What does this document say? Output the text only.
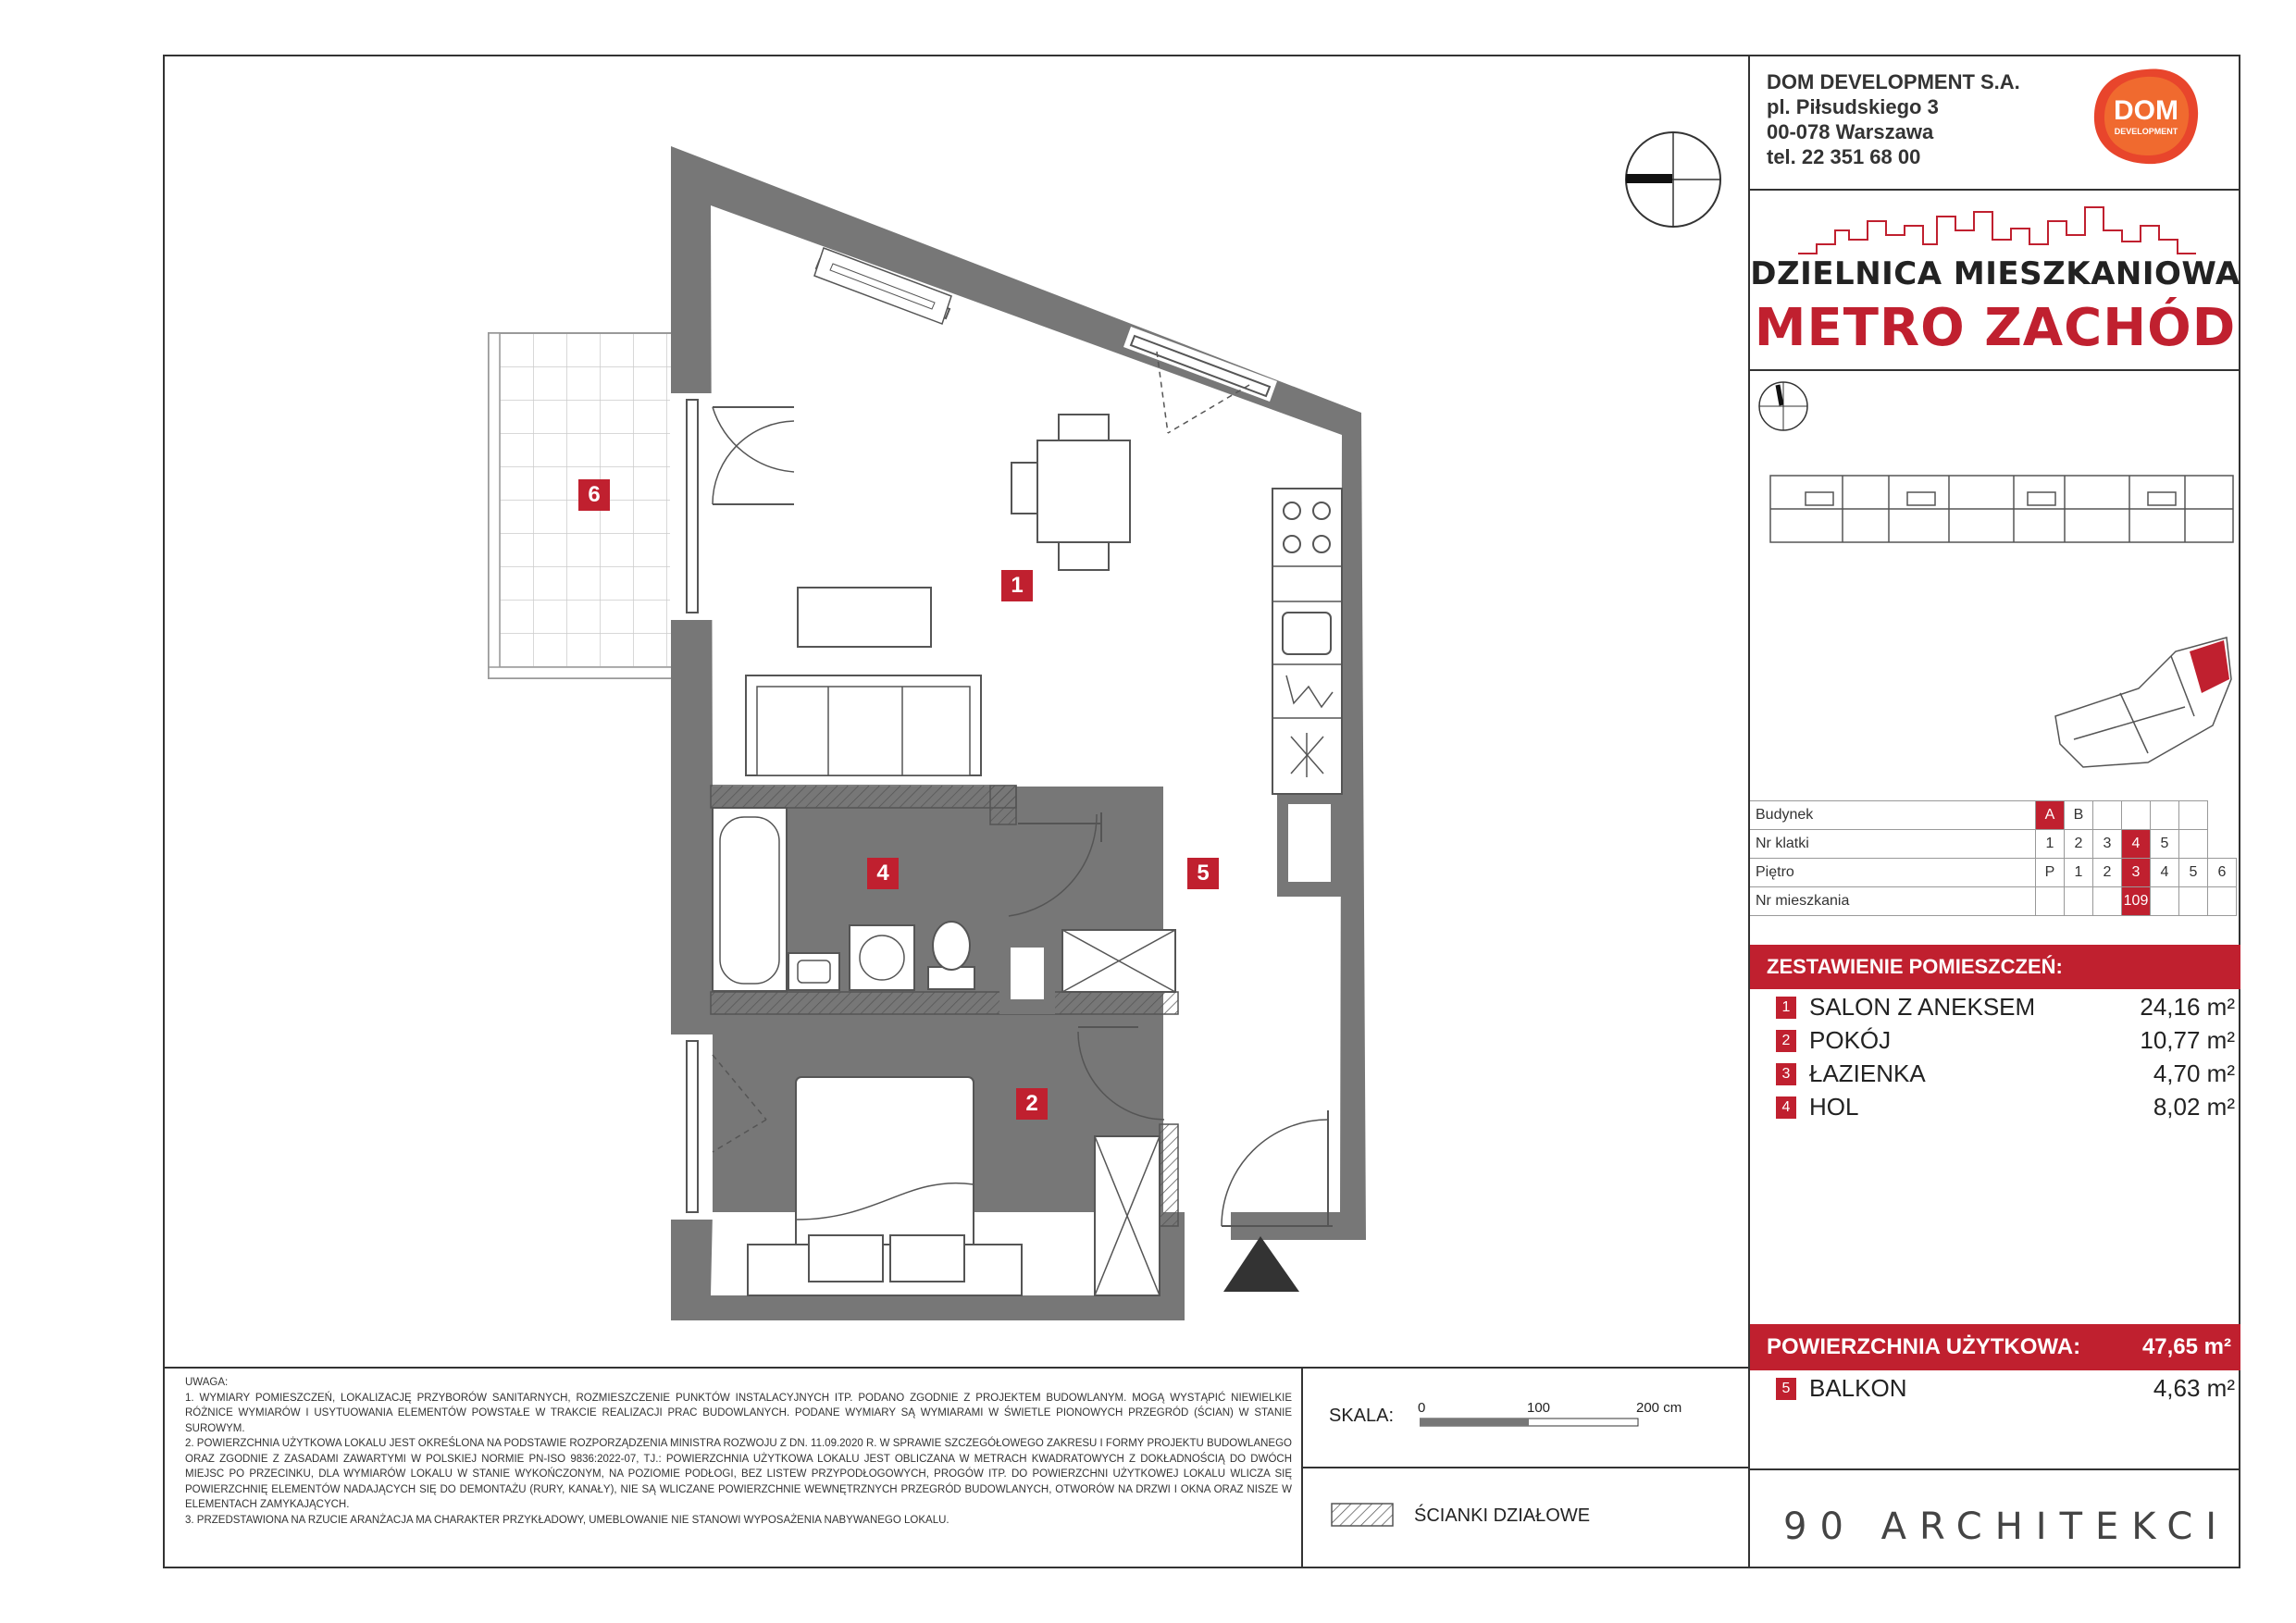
6
1
4	5
2
DOM DEVELOPMENT S.A.
pl. Piłsudskiego 3
00-078 Warszawa
tel. 22 351 68 00
DOM
DEVELOPMENT
DZIELNICA MIESZKANIOWA
METRO ZACHÓD
Budynek	A	B					
Nr klatki	1	2	3	4	5		
Piętro	P	1	2	3	4	5	6
Nr mieszkania				109			
ZESTAWIENIE POMIESZCZEŃ:
1 SALON Z ANEKSEM	24,16 m²
2 POKÓJ	10,77 m²
3 ŁAZIENKA	4,70 m²
4 HOL	8,02 m²
POWIERZCHNIA UŻYTKOWA:	47,65 m²
5 BALKON	4,63 m²
90 ARCHITEKCI

UWAGA:

1. WYMIARY POMIESZCZEŃ, LOKALIZACJĘ PRZYBORÓW SANITARNYCH, ROZMIESZCZENIE PUNKTÓW INSTALACYJNYCH ITP. PODANO ZGODNIE Z PROJEKTEM BUDOWLANYM. MOGĄ WYSTĄPIĆ NIEWIELKIE RÓŻNICE WYMIARÓW I USYTUOWANIA ELEMENTÓW POWSTAŁE W TRAKCIE REALIZACJI PRAC BUDOWLANYCH. PODANE WYMIARY SĄ WYMIARAMI W ŚWIETLE PIONOWYCH PRZEGRÓD (ŚCIAN) W STANIE SUROWYM.

2. POWIERZCHNIA UŻYTKOWA LOKALU JEST OKREŚLONA NA PODSTAWIE ROZPORZĄDZENIA MINISTRA ROZWOJU Z DN. 11.09.2020 R. W SPRAWIE SZCZEGÓŁOWEGO ZAKRESU I FORMY PROJEKTU BUDOWLANEGO ORAZ ZGODNIE Z ZASADAMI ZAWARTYMI W POLSKIEJ NORMIE PN-ISO 9836:2022-07, TJ.: POWIERZCHNIA UŻYTKOWA LOKALU JEST OBLICZANA W METRACH KWADRATOWYCH Z DOKŁADNOŚCIĄ DO DWÓCH MIEJSC PO PRZECINKU, DLA WYMIARÓW LOKALU W STANIE WYKOŃCZONYM, NA POZIOMIE PODŁOGI, BEZ LISTEW PRZYPODŁOGOWYCH, PROGÓW ITP. DO POWIERZCHNI UŻYTKOWEJ LOKALU WLICZA SIĘ POWIERZCHNIĘ ELEMENTÓW NADAJĄCYCH SIĘ DO DEMONTAŻU (RURY, KANAŁY), NIE SĄ WLICZANE POWIERZCHNIE WEWNĘTRZNYCH PRZEGRÓD BUDOWLANYCH, OTWORÓW NA DRZWI I OKNA ORAZ NISZE W ELEMENTACH ZAMYKAJĄCYCH.

3. PRZEDSTAWIONA NA RZUCIE ARANŻACJA MA CHARAKTER PRZYKŁADOWY, UMEBLOWANIE NIE STANOWI WYPOSAŻENIA NABYWANEGO LOKALU.

SKALA: 0	100	200 cm
ŚCIANKI DZIAŁOWE
